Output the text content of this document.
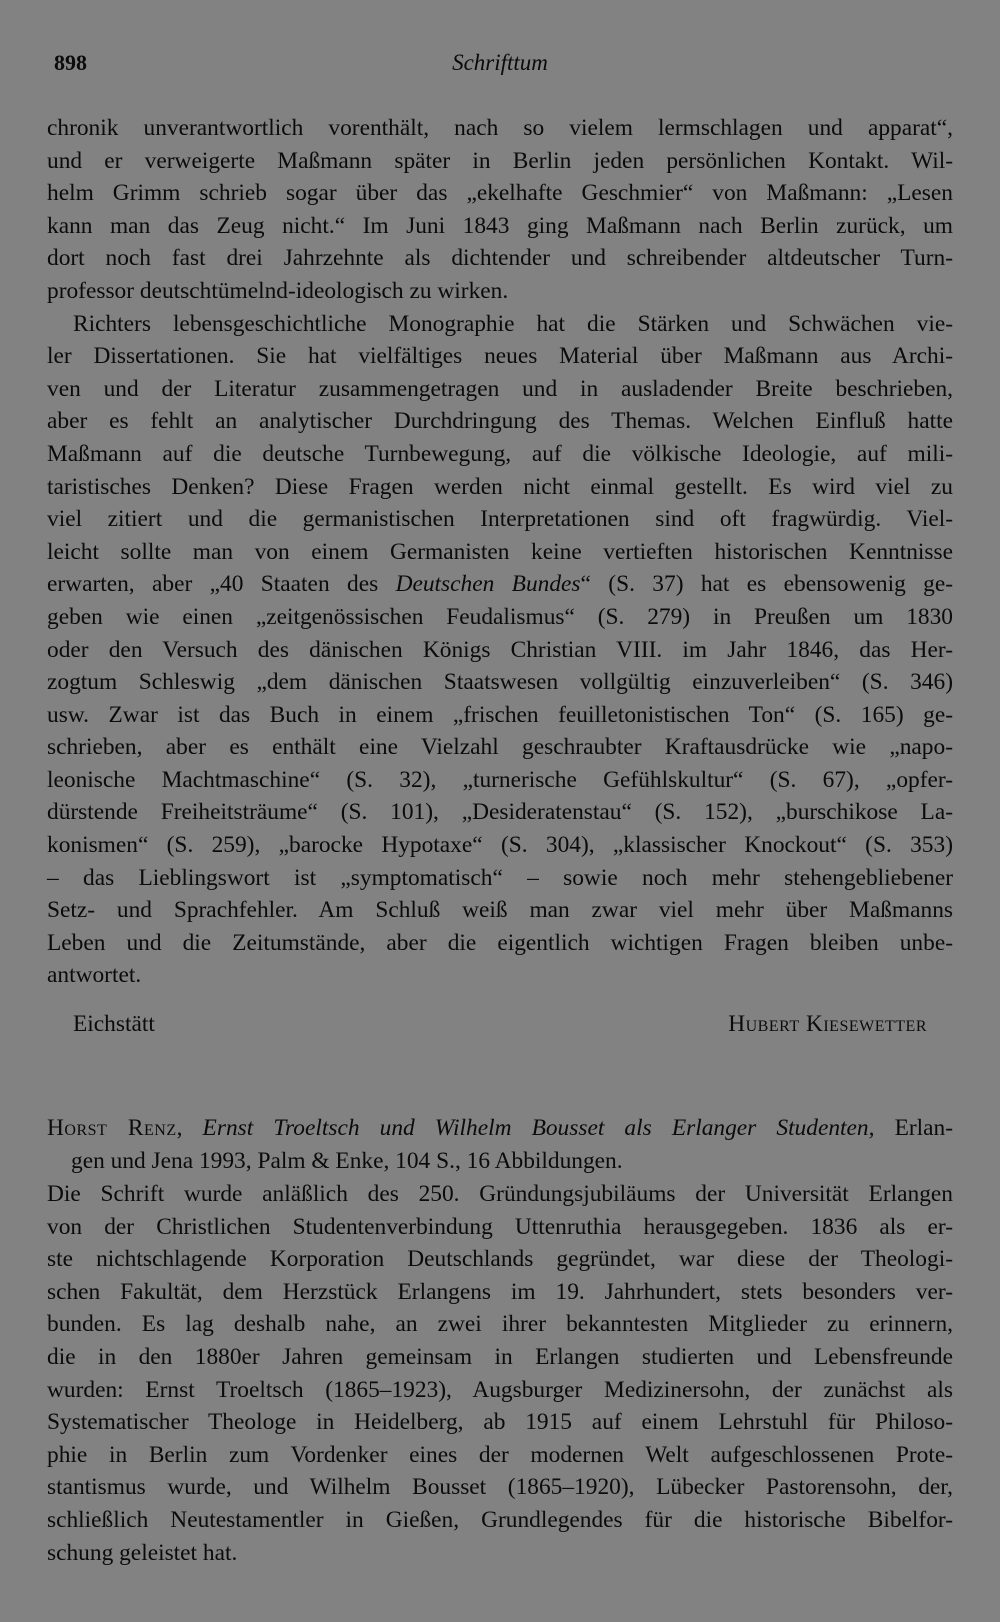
898	Schrifttum
chronik unverantwortlich vorenthält, nach so vielem lermschlagen und apparat“,
und er verweigerte Maßmann später in Berlin jeden persönlichen Kontakt. Wil-
helm Grimm schrieb sogar über das „ekelhafte Geschmier“ von Maßmann: „Lesen
kann man das Zeug nicht.“ Im Juni 1843 ging Maßmann nach Berlin zurück, um
dort noch fast drei Jahrzehnte als dichtender und schreibender altdeutscher Turn-
professor deutschtümelnd-ideologisch zu wirken.
Richters lebensgeschichtliche Monographie hat die Stärken und Schwächen vie-
ler Dissertationen. Sie hat vielfältiges neues Material über Maßmann aus Archi-
ven und der Literatur zusammengetragen und in ausladender Breite beschrieben,
aber es fehlt an analytischer Durchdringung des Themas. Welchen Einfluß hatte
Maßmann auf die deutsche Turnbewegung, auf die völkische Ideologie, auf mili-
taristisches Denken? Diese Fragen werden nicht einmal gestellt. Es wird viel zu
viel zitiert und die germanistischen Interpretationen sind oft fragwürdig. Viel-
leicht sollte man von einem Germanisten keine vertieften historischen Kenntnisse
erwarten, aber „40 Staaten des Deutschen Bundes“ (S. 37) hat es ebensowenig ge-
geben wie einen „zeitgenössischen Feudalismus“ (S. 279) in Preußen um 1830
oder den Versuch des dänischen Königs Christian VIII. im Jahr 1846, das Her-
zogtum Schleswig „dem dänischen Staatswesen vollgültig einzuverleiben“ (S. 346)
usw. Zwar ist das Buch in einem „frischen feuilletonistischen Ton“ (S. 165) ge-
schrieben, aber es enthält eine Vielzahl geschraubter Kraftausdrücke wie „napo-
leonische Machtmaschine“ (S. 32), „turnerische Gefühlskultur“ (S. 67), „opfer-
dürstende Freiheitsträume“ (S. 101), „Desideratenstau“ (S. 152), „burschikose La-
konismen“ (S. 259), „barocke Hypotaxe“ (S. 304), „klassischer Knockout“ (S. 353)
– das Lieblingswort ist „symptomatisch“ – sowie noch mehr stehengebliebener
Setz- und Sprachfehler. Am Schluß weiß man zwar viel mehr über Maßmanns
Leben und die Zeitumstände, aber die eigentlich wichtigen Fragen bleiben unbe-
antwortet.
Eichstätt	Hubert Kiesewetter
Horst Renz, Ernst Troeltsch und Wilhelm Bousset als Erlanger Studenten, Erlan-
gen und Jena 1993, Palm & Enke, 104 S., 16 Abbildungen.
Die Schrift wurde anläßlich des 250. Gründungsjubiläums der Universität Erlangen
von der Christlichen Studentenverbindung Uttenruthia herausgegeben. 1836 als er-
ste nichtschlagende Korporation Deutschlands gegründet, war diese der Theologi-
schen Fakultät, dem Herzstück Erlangens im 19. Jahrhundert, stets besonders ver-
bunden. Es lag deshalb nahe, an zwei ihrer bekanntesten Mitglieder zu erinnern,
die in den 1880er Jahren gemeinsam in Erlangen studierten und Lebensfreunde
wurden: Ernst Troeltsch (1865–1923), Augsburger Medizinersohn, der zunächst als
Systematischer Theologe in Heidelberg, ab 1915 auf einem Lehrstuhl für Philoso-
phie in Berlin zum Vordenker eines der modernen Welt aufgeschlossenen Prote-
stantismus wurde, und Wilhelm Bousset (1865–1920), Lübecker Pastorensohn, der,
schließlich Neutestamentler in Gießen, Grundlegendes für die historische Bibelfor-
schung geleistet hat.
